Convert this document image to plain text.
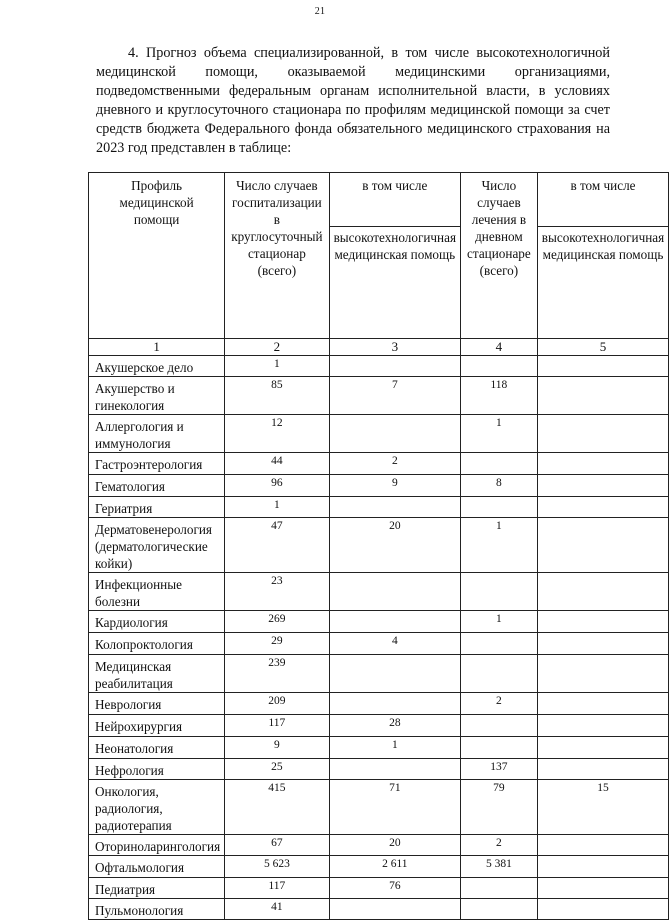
21

4. Прогноз объема специализированной, в том числе высокотехнологичной медицинской помощи, оказываемой медицинскими организациями, подведомственными федеральным органам исполнительной власти, в условиях дневного и круглосуточного стационара по профилям медицинской помощи за счет средств бюджета Федерального фонда обязательного медицинского страхования на 2023 год представлен в таблице:

Профиль медицинской помощи	Число случаев госпитализации в круглосуточный стационар (всего)	в том числе	Число случаев лечения в дневном стационаре (всего)	в том числе
		высокотехнологичная медицинская помощь		высокотехнологичная медицинская помощь
1	2	3	4	5
Акушерское дело	1			
Акушерство и гинекология	85	7	118	
Аллергология и иммунология	12		1	
Гастроэнтерология	44	2		
Гематология	96	9	8	
Гериатрия	1			
Дерматовенерология (дерматологические койки)	47	20	1	
Инфекционные болезни	23			
Кардиология	269		1	
Колопроктология	29	4		
Медицинская реабилитация	239			
Неврология	209		2	
Нейрохирургия	117	28		
Неонатология	9	1		
Нефрология	25		137	
Онкология, радиология, радиотерапия	415	71	79	15
Оториноларингология	67	20	2	
Офтальмология	5 623	2 611	5 381	
Педиатрия	117	76		
Пульмонология	41			
